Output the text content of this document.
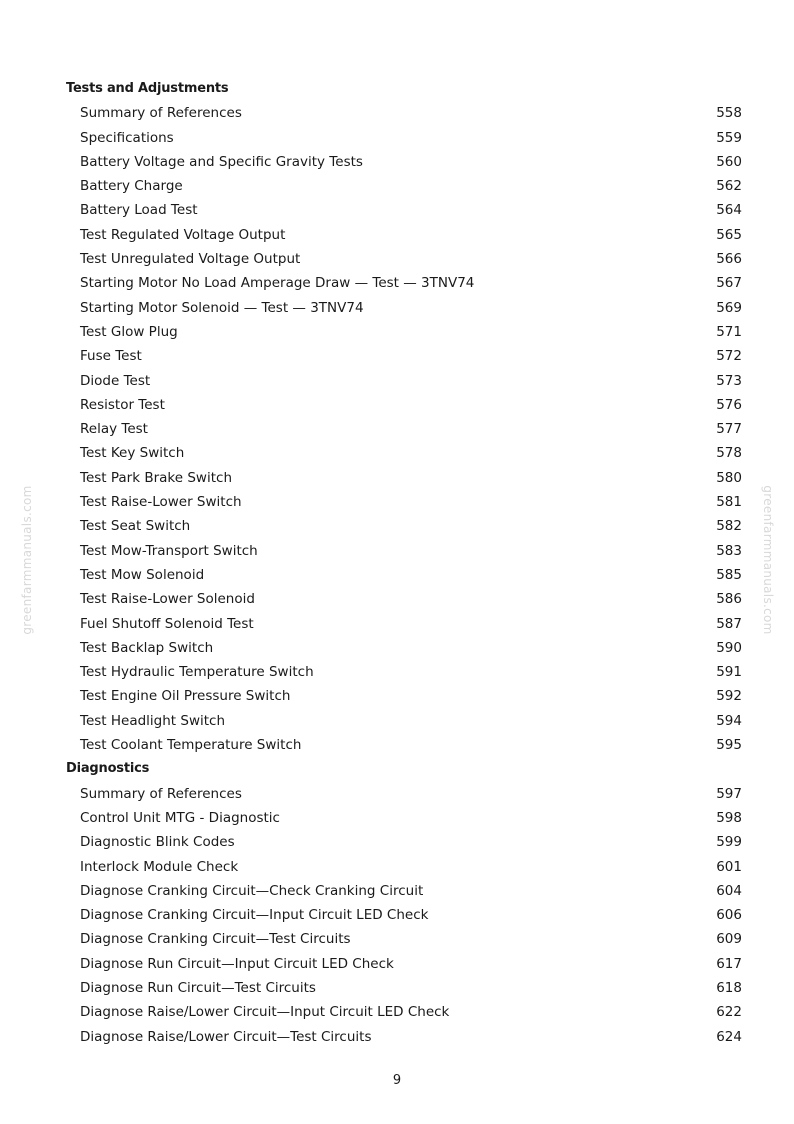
greenfarmmanuals.com	greenfarmmanuals.com
Tests and Adjustments
Summary of References	558
Specifications	559
Battery Voltage and Specific Gravity Tests	560
Battery Charge	562
Battery Load Test	564
Test Regulated Voltage Output	565
Test Unregulated Voltage Output	566
Starting Motor No Load Amperage Draw — Test — 3TNV74	567
Starting Motor Solenoid — Test — 3TNV74	569
Test Glow Plug	571
Fuse Test	572
Diode Test	573
Resistor Test	576
Relay Test	577
Test Key Switch	578
Test Park Brake Switch	580
Test Raise-Lower Switch	581
Test Seat Switch	582
Test Mow-Transport Switch	583
Test Mow Solenoid	585
Test Raise-Lower Solenoid	586
Fuel Shutoff Solenoid Test	587
Test Backlap Switch	590
Test Hydraulic Temperature Switch	591
Test Engine Oil Pressure Switch	592
Test Headlight Switch	594
Test Coolant Temperature Switch	595
Diagnostics
Summary of References	597
Control Unit MTG - Diagnostic	598
Diagnostic Blink Codes	599
Interlock Module Check	601
Diagnose Cranking Circuit—Check Cranking Circuit	604
Diagnose Cranking Circuit—Input Circuit LED Check	606
Diagnose Cranking Circuit—Test Circuits	609
Diagnose Run Circuit—Input Circuit LED Check	617
Diagnose Run Circuit—Test Circuits	618
Diagnose Raise/Lower Circuit—Input Circuit LED Check	622
Diagnose Raise/Lower Circuit—Test Circuits	624
9
